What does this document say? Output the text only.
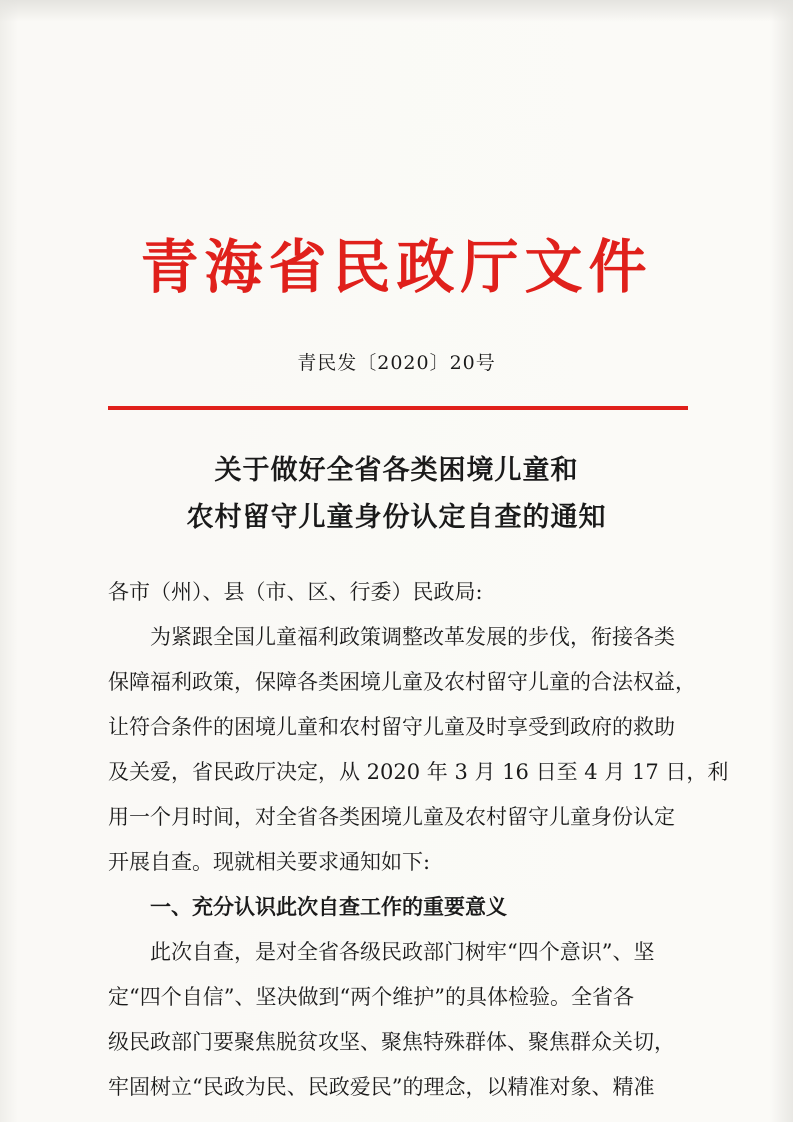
青海省民政厅文件
青民发〔2020〕20号
关于做好全省各类困境儿童和
农村留守儿童身份认定自查的通知
各市（州）、县（市、区、行委）民政局:
为紧跟全国儿童福利政策调整改革发展的步伐，衔接各类
保障福利政策，保障各类困境儿童及农村留守儿童的合法权益，
让符合条件的困境儿童和农村留守儿童及时享受到政府的救助
及关爱，省民政厅决定，从 2020 年 3 月 16 日至 4 月 17 日，利
用一个月时间，对全省各类困境儿童及农村留守儿童身份认定
开展自查。现就相关要求通知如下:
一、充分认识此次自查工作的重要意义
此次自查，是对全省各级民政部门树牢“四个意识”、坚
定“四个自信”、坚决做到“两个维护”的具体检验。全省各
级民政部门要聚焦脱贫攻坚、聚焦特殊群体、聚焦群众关切，
牢固树立“民政为民、民政爱民”的理念，以精准对象、精准
